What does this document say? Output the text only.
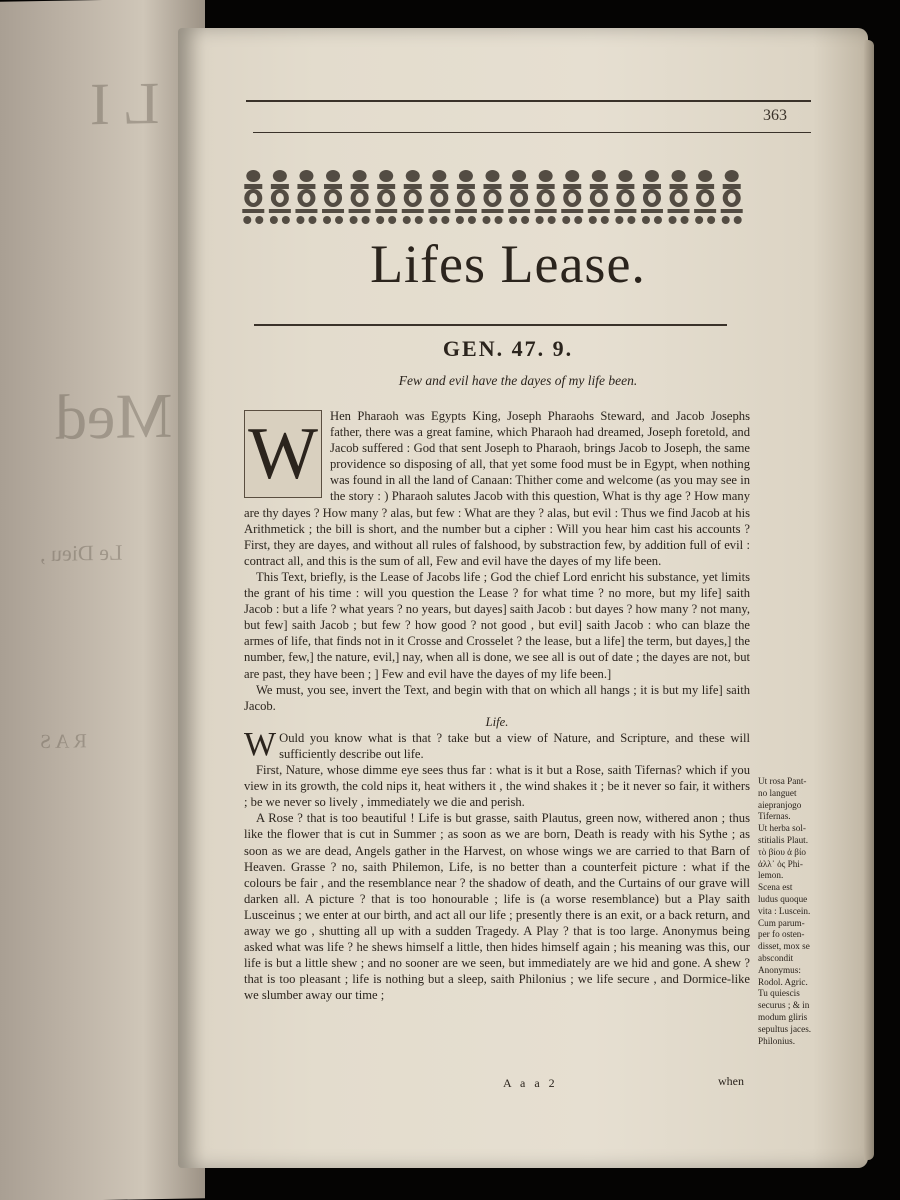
L I
Med
Le Dieu ,
R A S
363
Lifes Lease.
GEN. 47. 9.
Few and evil have the dayes of my life been.
W Hen Pharaoh was Egypts King, Joseph Pharaohs Steward, and Jacob Josephs father, there was a great famine, which Pharaoh had dreamed, Joseph foretold, and Jacob suffered : God that sent Joseph to Pharaoh, brings Jacob to Joseph, the same providence so disposing of all, that yet some food must be in Egypt, when nothing was found in all the land of Canaan: Thither come and welcome (as you may see in the story : ) Pharaoh salutes Jacob with this question, What is thy age ? How many are thy dayes ? How many ? alas, but few : What are they ? alas, but evil : Thus we find Jacob at his Arithmetick ; the bill is short, and the number but a cipher : Will you hear him cast his accounts ? First, they are dayes, and without all rules of falshood, by substraction few, by addition full of evil : contract all, and this is the sum of all, Few and evil have the dayes of my life been.

This Text, briefly, is the Lease of Jacobs life ; God the chief Lord enricht his substance, yet limits the grant of his time : will you question the Lease ? for what time ? no more, but my life] saith Jacob : but a life ? what years ? no years, but dayes] saith Jacob : but dayes ? how many ? not many, but few] saith Jacob ; but few ? how good ? not good , but evil] saith Jacob : who can blaze the armes of life, that finds not in it Crosse and Crosselet ? the lease, but a life] the term, but dayes,] the number, few,] the nature, evil,] nay, when all is done, we see all is out of date ; the dayes are not, but are past, they have been ; ] Few and evil have the dayes of my life been.]

We must, you see, invert the Text, and begin with that on which all hangs ; it is but my life] saith Jacob.

Life.

W Ould you know what is that ? take but a view of Nature, and Scripture, and these will sufficiently describe out life.

First, Nature, whose dimme eye sees thus far : what is it but a Rose, saith Tifernas? which if you view in its growth, the cold nips it, heat withers it , the wind shakes it ; be it never so fair, it withers ; be we never so lively , immediately we die and perish.

A Rose ? that is too beautiful ! Life is but grasse, saith Plautus, green now, withered anon ; thus like the flower that is cut in Summer ; as soon as we are born, Death is ready with his Sythe ; as soon as we are dead, Angels gather in the Harvest, on whose wings we are carried to that Barn of Heaven. Grasse ? no, saith Philemon, Life, is no better than a counterfeit picture : what if the colours be fair , and the resemblance near ? the shadow of death, and the Curtains of our grave will darken all. A picture ? that is too honourable ; life is (a worse resemblance) but a Play saith Lusceinus ; we enter at our birth, and act all our life ; presently there is an exit, or a back return, and away we go , shutting all up with a sudden Tragedy. A Play ? that is too large. Anonymus being asked what was life ? he shews himself a little, then hides himself again ; his meaning was this, our life is but a little shew ; and no sooner are we seen, but immediately are we hid and gone. A shew ? that is too pleasant ; life is nothing but a sleep, saith Philonius ; we life secure , and Dormice-like we slumber away our time ;

Ut rosa Pant-
no languet
aiepranjogo
Tifernas.
Ut herba sol-
stitialis Plaut.
τὸ βίου ἀ βίο
ἀλλ᾽ ὁς Phi-
lemon.
Scena est
ludus quoque
vita : Luscein.
Cum parum-
per fo osten-
disset, mox se
abscondit
Anonymus:
Rodol. Agric.
Tu quiescis
securus ; & in
modum gliris
sepultus jaces.
Philonius.
A a a 2	when
